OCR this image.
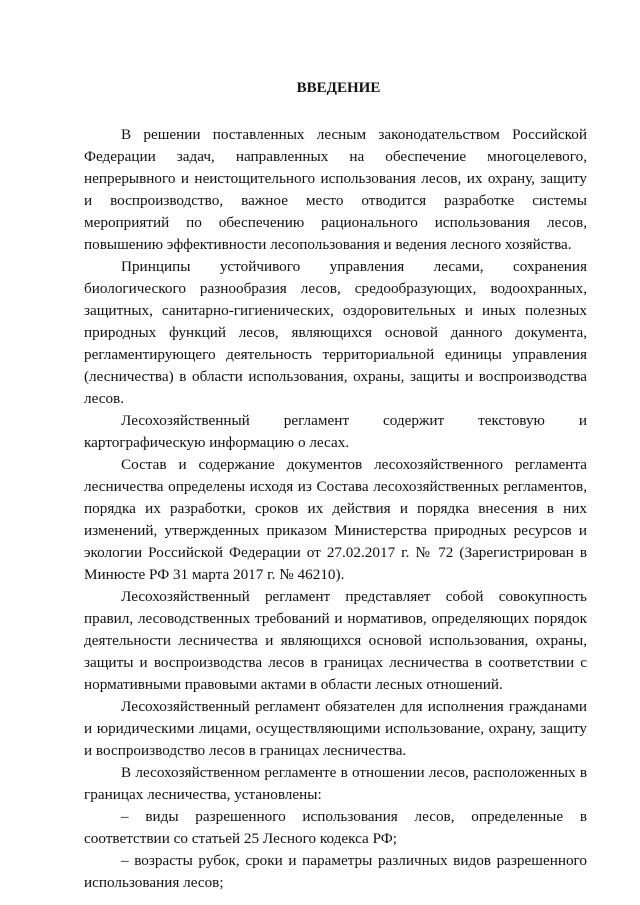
ВВЕДЕНИЕ

В решении поставленных лесным законодательством Российской Федерации задач, направленных на обеспечение многоцелевого, непрерывного и неистощительного использования лесов, их охрану, защиту и воспроизводство, важное место отводится разработке системы мероприятий по обеспечению рационального использования лесов, повышению эффективности лесопользования и ведения лесного хозяйства.

Принципы устойчивого управления лесами, сохранения биологического разнообразия лесов, средообразующих, водоохранных, защитных, санитарно-гигиенических, оздоровительных и иных полезных природных функций лесов, являющихся основой данного документа, регламентирующего деятельность территориальной единицы управления (лесничества) в области использования, охраны, защиты и воспроизводства лесов.

Лесохозяйственный регламент содержит текстовую и картографическую информацию о лесах.

Состав и содержание документов лесохозяйственного регламента лесничества определены исходя из Состава лесохозяйственных регламентов, порядка их разработки, сроков их действия и порядка внесения в них изменений, утвержденных приказом Министерства природных ресурсов и экологии Российской Федерации от 27.02.2017 г. № 72 (Зарегистрирован в Минюсте РФ 31 марта 2017 г. № 46210).

Лесохозяйственный регламент представляет собой совокупность правил, лесоводственных требований и нормативов, определяющих порядок деятельности лесничества и являющихся основой использования, охраны, защиты и воспроизводства лесов в границах лесничества в соответствии с нормативными правовыми актами в области лесных отношений.

Лесохозяйственный регламент обязателен для исполнения гражданами и юридическими лицами, осуществляющими использование, охрану, защиту и воспроизводство лесов в границах лесничества.

В лесохозяйственном регламенте в отношении лесов, расположенных в границах лесничества, установлены:

– виды разрешенного использования лесов, определенные в соответствии со статьей 25 Лесного кодекса РФ;

– возрасты рубок, сроки и параметры различных видов разрешенного использования лесов;
